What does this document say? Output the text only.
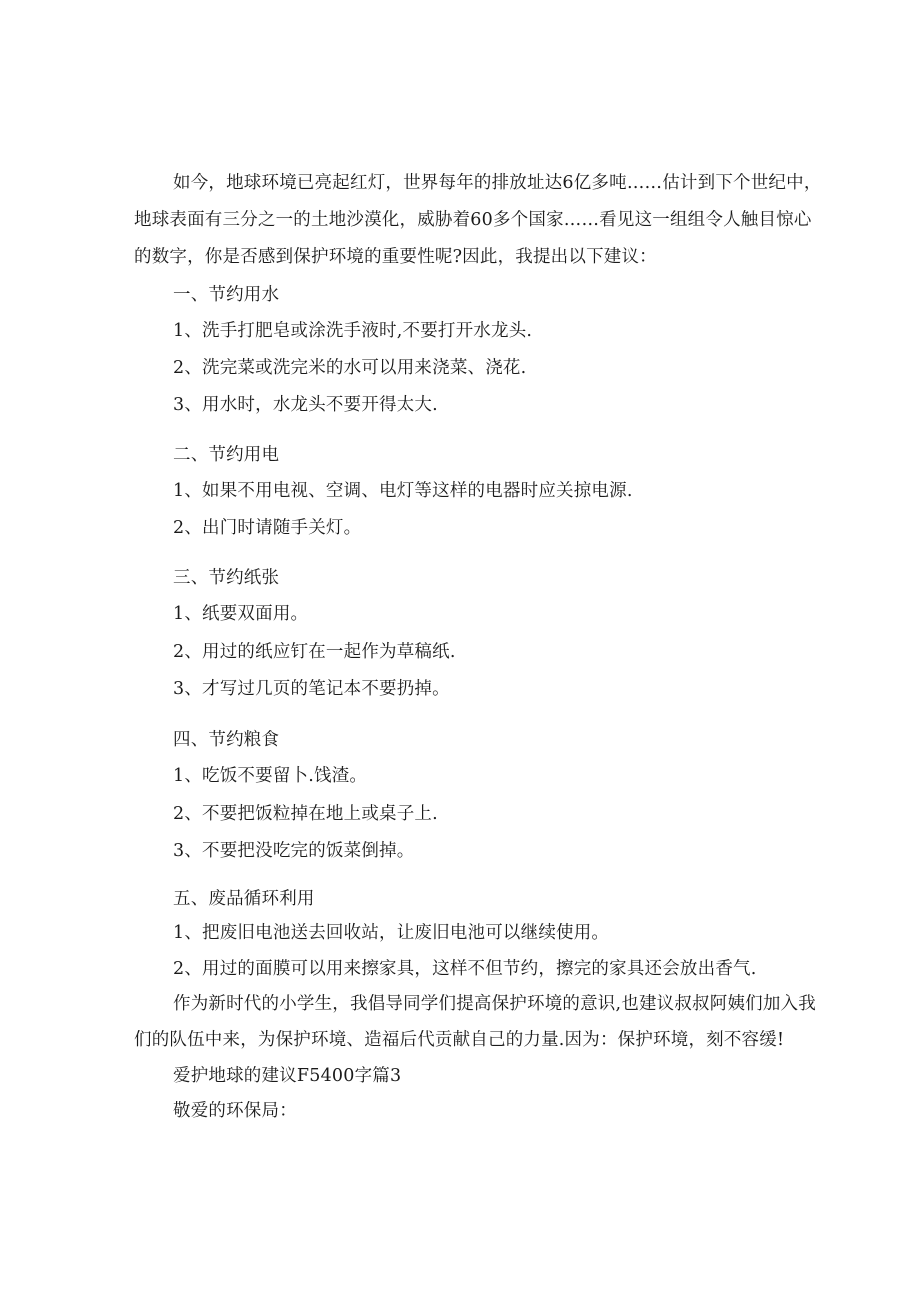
如今，地球环境已亮起红灯，世界每年的排放址达6亿多吨……估计到下个世纪中，
地球表面有三分之一的土地沙漠化，威胁着60多个国家……看见这一组组令人触目惊心
的数字，你是否感到保护环境的重要性呢?因此，我提出以下建议：
一、节约用水
1、洗手打肥皂或涂洗手液时,不要打开水龙头.
2、洗完菜或洗完米的水可以用来浇菜、浇花.
3、用水时，水龙头不要开得太大.
二、节约用电
1、如果不用电视、空调、电灯等这样的电器时应关掠电源.
2、出门时请随手关灯。
三、节约纸张
1、纸要双面用。
2、用过的纸应钉在一起作为草稿纸.
3、才写过几页的笔记本不要扔掉。
四、节约粮食
1、吃饭不要留卜.饯渣。
2、不要把饭粒掉在地上或桌子上.
3、不要把没吃完的饭菜倒掉。
五、废品循环利用
1、把废旧电池送去回收站，让废旧电池可以继续使用。
2、用过的面膜可以用来擦家具，这样不但节约，擦完的家具还会放出香气.
作为新时代的小学生，我倡导同学们提高保护环境的意识,也建议叔叔阿姨们加入我
们的队伍中来，为保护环境、造福后代贡献自己的力量.因为：保护环境，刻不容缓!
爱护地球的建议F5400字篇3
敬爱的环保局：
